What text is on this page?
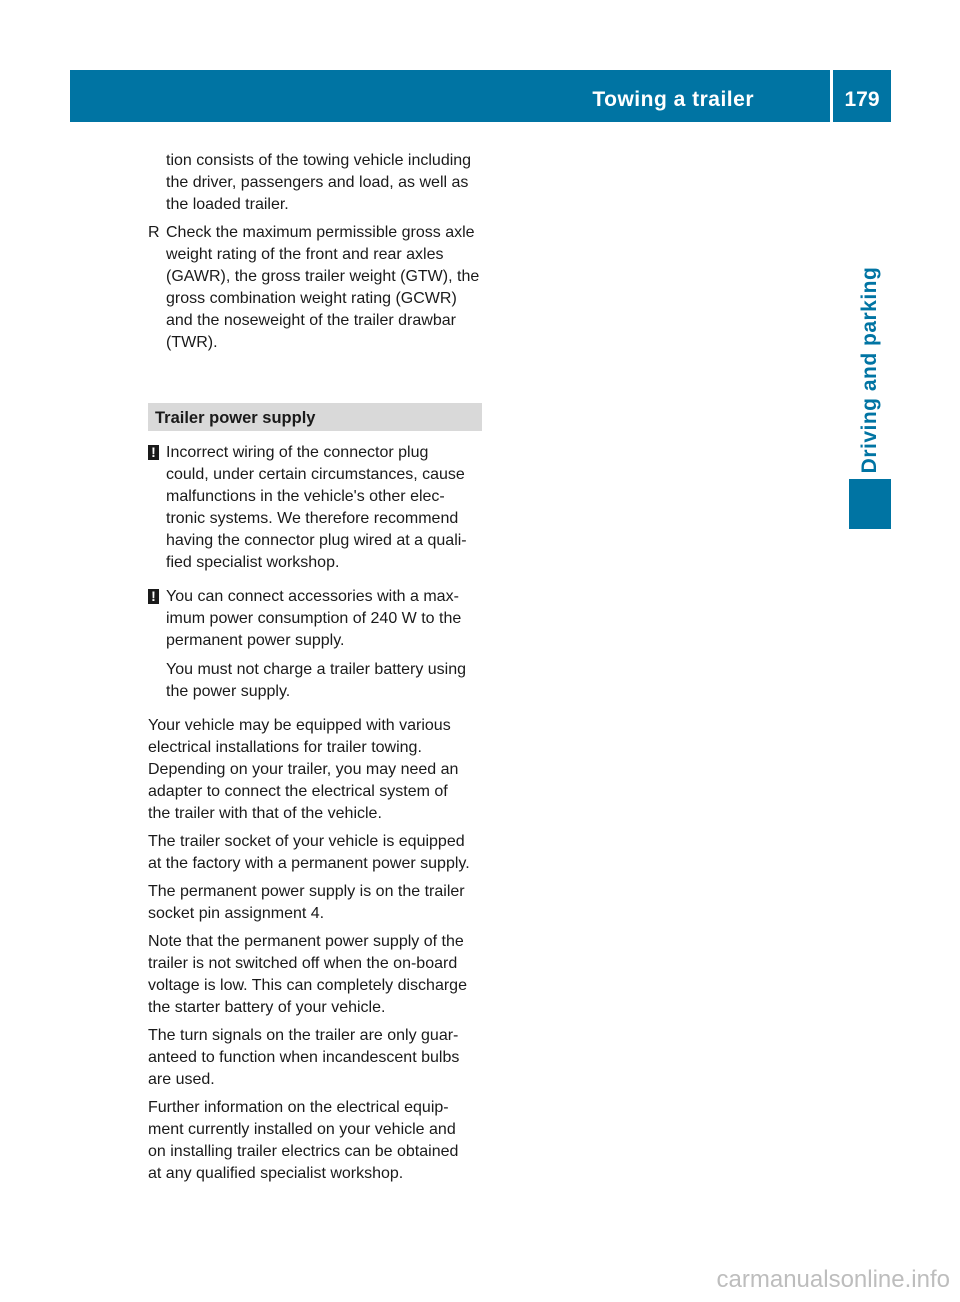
Towing a trailer	179
Driving and parking
tion consists of the towing vehicle including
the driver, passengers and load, as well as
the loaded trailer.
R Check the maximum permissible gross axle
weight rating of the front and rear axles
(GAWR), the gross trailer weight (GTW), the
gross combination weight rating (GCWR)
and the noseweight of the trailer drawbar
(TWR).
Trailer power supply
! Incorrect wiring of the connector plug
could, under certain circumstances, cause
malfunctions in the vehicle's other elec-
tronic systems. We therefore recommend
having the connector plug wired at a quali-
fied specialist workshop.
! You can connect accessories with a max-
imum power consumption of 240 W to the
permanent power supply.
You must not charge a trailer battery using
the power supply.
Your vehicle may be equipped with various
electrical installations for trailer towing.
Depending on your trailer, you may need an
adapter to connect the electrical system of
the trailer with that of the vehicle.
The trailer socket of your vehicle is equipped
at the factory with a permanent power supply.
The permanent power supply is on the trailer
socket pin assignment 4.
Note that the permanent power supply of the
trailer is not switched off when the on-board
voltage is low. This can completely discharge
the starter battery of your vehicle.
The turn signals on the trailer are only guar-
anteed to function when incandescent bulbs
are used.
Further information on the electrical equip-
ment currently installed on your vehicle and
on installing trailer electrics can be obtained
at any qualified specialist workshop.
carmanualsonline.info
